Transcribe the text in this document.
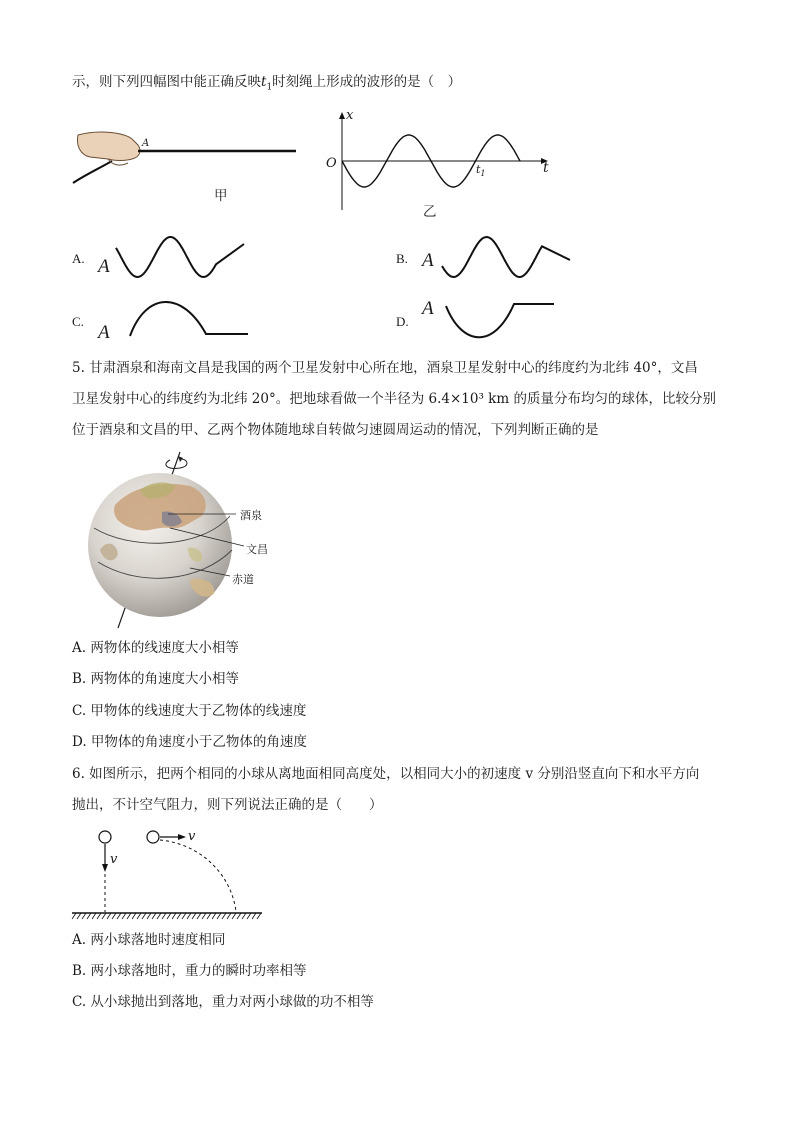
示，则下列四幅图中能正确反映$t_1$时刻绳上形成的波形的是（　）
A
甲
x
O	t
$t_1$
乙
A. A	B. A
C.
A
D.
A
5. 甘肃酒泉和海南文昌是我国的两个卫星发射中心所在地，酒泉卫星发射中心的纬度约为北纬 40°，文昌
卫星发射中心的纬度约为北纬 20°。把地球看做一个半径为 6.4×10³ km 的质量分布均匀的球体，比较分别
位于酒泉和文昌的甲、乙两个物体随地球自转做匀速圆周运动的情况，下列判断正确的是
酒泉
文昌
赤道
A. 两物体的线速度大小相等
B. 两物体的角速度大小相等
C. 甲物体的线速度大于乙物体的线速度
D. 甲物体的角速度小于乙物体的角速度
6. 如图所示，把两个相同的小球从离地面相同高度处，以相同大小的初速度 v 分别沿竖直向下和水平方向
抛出，不计空气阻力，则下列说法正确的是（　　）
v
v
A. 两小球落地时速度相同
B. 两小球落地时，重力的瞬时功率相等
C. 从小球抛出到落地，重力对两小球做的功不相等
